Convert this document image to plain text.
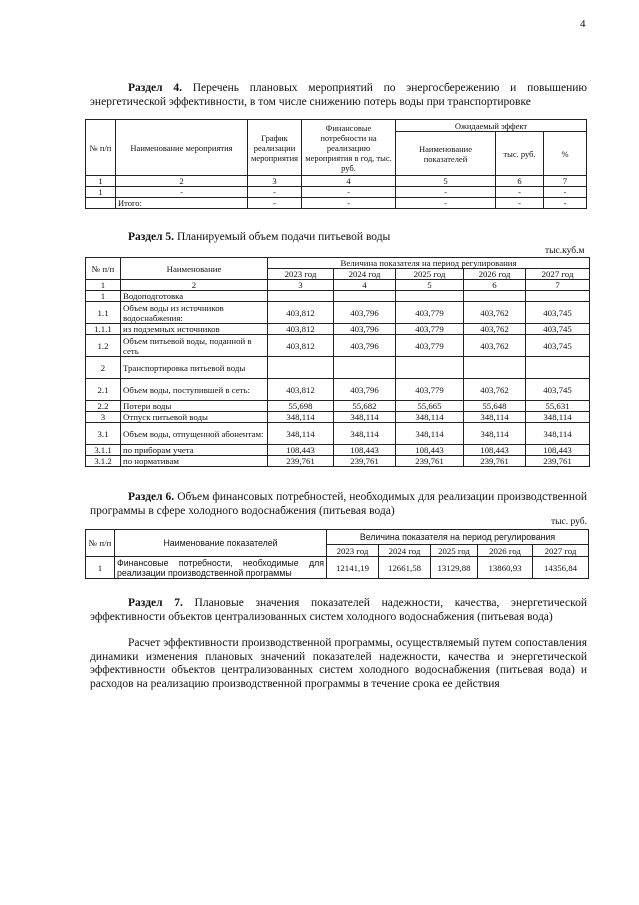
4
Раздел 4. Перечень плановых мероприятий по энергосбережению и повышению энергетической эффективности, в том числе снижению потерь воды при транспортировке
№ п/п	Наименование мероприятия	График реализации мероприятия	Финансовые потребности на реализацию мероприятия в год, тыс. руб.	Ожидаемый эффект		
				Наименование показателей	тыс. руб.	%
1	2	3	4	5	6	7
1	-	-	-	-	-	-
	Итого:	-	-	-	-	-
Раздел 5. Планируемый объем подачи питьевой воды
тыс.куб.м
№ п/п	Наименование	Величина показателя на период регулирования				
		2023 год	2024 год	2025 год	2026 год	2027 год
1	2	3	4	5	6	7
1	Водоподготовка					
1.1	Объем воды из источников водоснабжения:	403,812	403,796	403,779	403,762	403,745
1.1.1	из подземных источников	403,812	403,796	403,779	403,762	403,745
1.2	Объем питьевой воды, поданной в сеть	403,812	403,796	403,779	403,762	403,745
2	Транспортировка питьевой воды					
2.1	Объем воды, поступившей в сеть:	403,812	403,796	403,779	403,762	403,745
2.2	Потери воды	55,698	55,682	55,665	55,648	55,631
3	Отпуск питьевой воды	348,114	348,114	348,114	348,114	348,114
3.1	Объем воды, отпущенной абонентам:	348,114	348,114	348,114	348,114	348,114
3.1.1	по приборам учета	108,443	108,443	108,443	108,443	108,443
3.1.2	по нормативам	239,761	239,761	239,761	239,761	239,761
Раздел 6. Объем финансовых потребностей, необходимых для реализации производственной программы в сфере холодного водоснабжения (питьевая вода)
тыс. руб.
№ п/п	Наименование показателей	Величина показателя на период регулирования				
		2023 год	2024 год	2025 год	2026 год	2027 год
1	Финансовые потребности, необходимые для реализации производственной программы	12141,19	12661,58	13129,88	13860,93	14356,84
Раздел 7. Плановые значения показателей надежности, качества, энергетической эффективности объектов централизованных систем холодного водоснабжения (питьевая вода)
Расчет эффективности производственной программы, осуществляемый путем сопоставления динамики изменения плановых значений показателей надежности, качества и энергетической эффективности объектов централизованных систем холодного водоснабжения (питьевая вода) и расходов на реализацию производственной программы в течение срока ее действия
